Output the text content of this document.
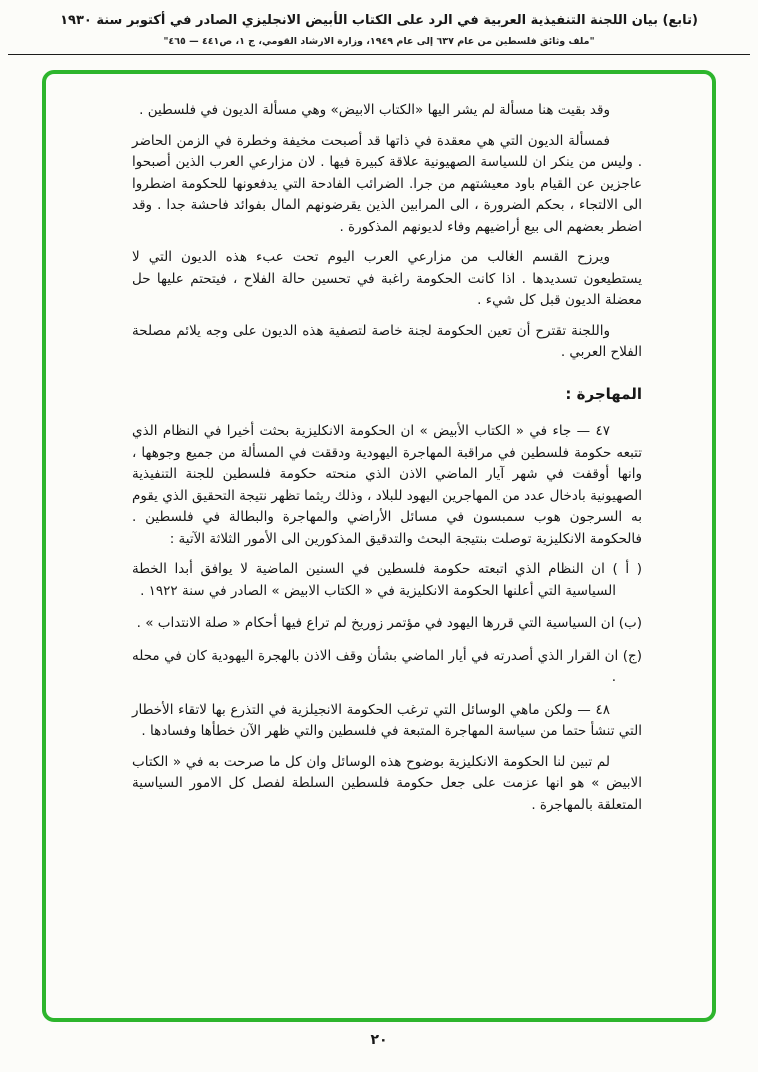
(تابع) بيان اللجنة التنفيذية العربية في الرد على الكتاب الأبيض الانجليزي الصادر في أكتوبر سنة ١٩٣٠
"ملف وثائق فلسطين من عام ٦٣٧ إلى عام ١٩٤٩، وزارة الارشاد القومي، ج ١، ص٤٤١ — ٤٦٥"

وقد بقيت هنا مسألة لم يشر اليها «الكتاب الابيض» وهي مسألة الديون في فلسطين .

فمسألة الديون التي هي معقدة في ذاتها قد أصبحت مخيفة وخطرة في الزمن الحاضر . وليس من ينكر ان للسياسة الصهيونية علاقة كبيرة فيها . لان مزارعي العرب الذين أصبحوا عاجزين عن القيام باود معيشتهم من جرا. الضرائب الفادحة التي يدفعونها للحكومة اضطروا الى الالتجاء ، بحكم الضرورة ، الى المرابين الذين يقرضونهم المال بفوائد فاحشة جدا . وقد اضطر بعضهم الى بيع أراضيهم وفاء لديونهم المذكورة .

ويرزح القسم الغالب من مزارعي العرب اليوم تحت عبء هذه الديون التي لا يستطيعون تسديدها . اذا كانت الحكومة راغبة في تحسين حالة الفلاح ، فيتحتم عليها حل معضلة الديون قبل كل شيء .

واللجنة تقترح أن تعين الحكومة لجنة خاصة لتصفية هذه الديون على وجه يلائم مصلحة الفلاح العربي .

المهاجرة :

٤٧ — جاء في « الكتاب الأبيض » ان الحكومة الانكليزية بحثت أخيرا في النظام الذي تتبعه حكومة فلسطين في مراقبة المهاجرة اليهودية ودققت في المسألة من جميع وجوهها ، وانها أوقفت في شهر آيار الماضي الاذن الذي منحته حكومة فلسطين للجنة التنفيذية الصهيونية بادخال عدد من المهاجرين اليهود للبلاد ، وذلك ريثما تظهر نتيجة التحقيق الذي يقوم به السرجون هوب سمبسون في مسائل الأراضي والمهاجرة والبطالة في فلسطين . فالحكومة الانكليزية توصلت بنتيجة البحث والتدقيق المذكورين الى الأمور الثلاثة الآتية :

( أ ) ان النظام الذي اتبعته حكومة فلسطين في السنين الماضية لا يوافق أبدا الخطة السياسية التي أعلنها الحكومة الانكليزية في « الكتاب الابيض » الصادر في سنة ١٩٢٢ .

(ب) ان السياسية التي قررها اليهود في مؤتمر زوريخ لم تراع فيها أحكام « صلة الانتداب » .

(ج) ان القرار الذي أصدرته في أيار الماضي بشأن وقف الاذن بالهجرة اليهودية كان في محله .

٤٨ — ولكن ماهي الوسائل التي ترغب الحكومة الانجيلزية في التذرع بها لاتقاء الأخطار التي تنشأ حتما من سياسة المهاجرة المتبعة في فلسطين والتي ظهر الآن خطأها وفسادها .

لم تبين لنا الحكومة الانكليزية بوضوح هذه الوسائل وان كل ما صرحت به في « الكتاب الابيض » هو انها عزمت على جعل حكومة فلسطين السلطة لفصل كل الامور السياسية المتعلقة بالمهاجرة .

٢٠
